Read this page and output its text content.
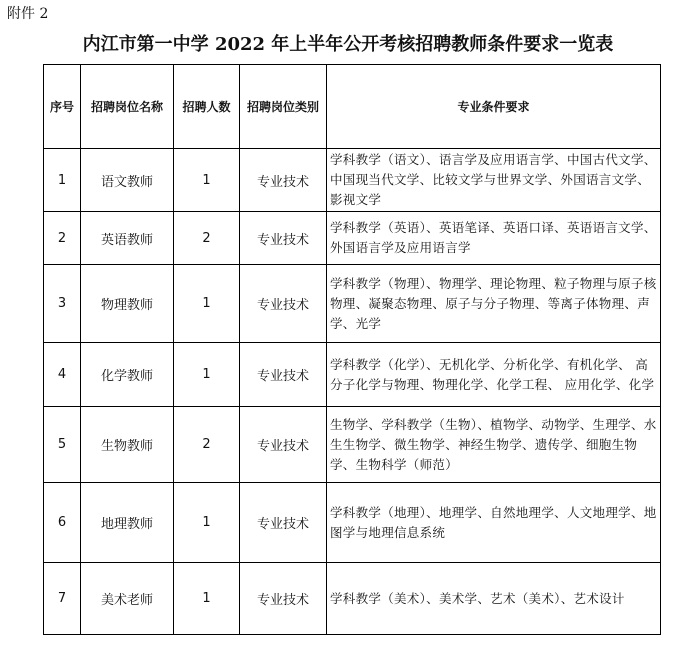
附件 2
内江市第一中学 2022 年上半年公开考核招聘教师条件要求一览表
序号	招聘岗位名称	招聘人数	招聘岗位类别	专业条件要求
1	语文教师	1	专业技术	学科教学（语文）、语言学及应用语言学、中国古代文学、中国现当代文学、比较文学与世界文学、外国语言文学、影视文学
2	英语教师	2	专业技术	学科教学（英语）、英语笔译、英语口译、英语语言文学、外国语言学及应用语言学
3	物理教师	1	专业技术	学科教学（物理）、物理学、理论物理、粒子物理与原子核物理、凝聚态物理、原子与分子物理、等离子体物理、声学、光学
4	化学教师	1	专业技术	学科教学（化学）、无机化学、分析化学、有机化学、 高分子化学与物理、物理化学、化学工程、 应用化学、化学
5	生物教师	2	专业技术	生物学、学科教学（生物）、植物学、动物学、生理学、水生生物学、微生物学、神经生物学、遗传学、细胞生物学、生物科学（师范）
6	地理教师	1	专业技术	学科教学（地理）、地理学、自然地理学、人文地理学、地图学与地理信息系统
7	美术老师	1	专业技术	学科教学（美术）、美术学、艺术（美术）、艺术设计
